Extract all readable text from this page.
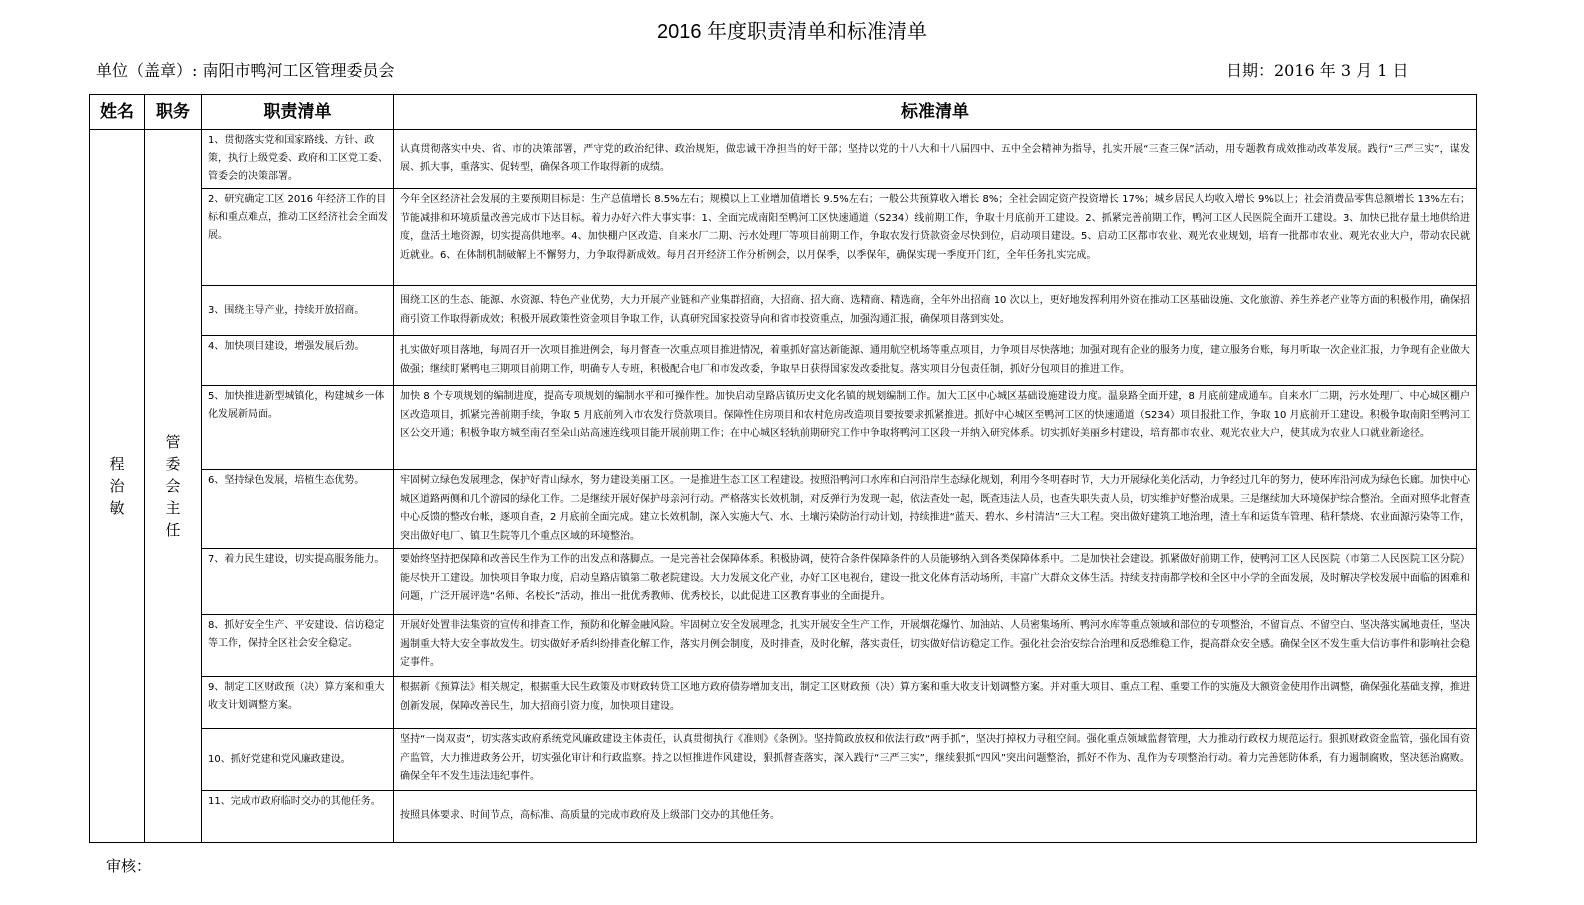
2016 年度职责清单和标准清单
单位（盖章）: 南阳市鸭河工区管理委员会	日期：2016 年 3 月 1 日
姓名	职务	职责清单	标准清单
程治敏	管委会主任	1、贯彻落实党和国家路线、方针、政策，执行上级党委、政府和工区党工委、管委会的决策部署。	认真贯彻落实中央、省、市的决策部署，严守党的政治纪律、政治规矩，做忠诚干净担当的好干部；坚持以党的十八大和十八届四中、五中全会精神为指导，扎实开展“三查三保”活动，用专题教育成效推动改革发展。践行“三严三实”，谋发展、抓大事，重落实、促转型，确保各项工作取得新的成绩。
		2、研究确定工区 2016 年经济工作的目标和重点难点，推动工区经济社会全面发展。	今年全区经济社会发展的主要预期目标是：生产总值增长 8.5%左右；规模以上工业增加值增长 9.5%左右；一般公共预算收入增长 8%；全社会固定资产投资增长 17%；城乡居民人均收入增长 9%以上；社会消费品零售总额增长 13%左右；节能减排和环境质量改善完成市下达目标。着力办好六件大事实事：1、全面完成南阳至鸭河工区快速通道（S234）线前期工作，争取十月底前开工建设。2、抓紧完善前期工作，鸭河工区人民医院全面开工建设。3、加快已批存量土地供给进度，盘活土地资源，切实提高供地率。4、加快棚户区改造、自来水厂二期、污水处理厂等项目前期工作，争取农发行贷款资金尽快到位，启动项目建设。5、启动工区都市农业、观光农业规划，培育一批都市农业、观光农业大户，带动农民就近就业。6、在体制机制破解上不懈努力，力争取得新成效。每月召开经济工作分析例会，以月保季，以季保年，确保实现一季度开门红，全年任务扎实完成。
		3、围绕主导产业，持续开放招商。	围绕工区的生态、能源、水资源、特色产业优势，大力开展产业链和产业集群招商，大招商、招大商、选精商、精选商，全年外出招商 10 次以上，更好地发挥利用外资在推动工区基础设施、文化旅游、养生养老产业等方面的积极作用，确保招商引资工作取得新成效；积极开展政策性资金项目争取工作，认真研究国家投资导向和省市投资重点，加强沟通汇报，确保项目落到实处。
		4、加快项目建设，增强发展后劲。	扎实做好项目落地，每周召开一次项目推进例会，每月督查一次重点项目推进情况，着重抓好富达新能源、通用航空机场等重点项目，力争项目尽快落地；加强对现有企业的服务力度，建立服务台账，每月听取一次企业汇报，力争现有企业做大做强；继续盯紧鸭电三期项目前期工作，明确专人专班，积极配合电厂和市发改委，争取早日获得国家发改委批复。落实项目分包责任制，抓好分包项目的推进工作。
		5、加快推进新型城镇化，构建城乡一体化发展新局面。	加快 8 个专项规划的编制进度，提高专项规划的编制水平和可操作性。加快启动皇路店镇历史文化名镇的规划编制工作。加大工区中心城区基础设施建设力度。温泉路全面开建，8 月底前建成通车。自来水厂二期，污水处理厂、中心城区棚户区改造项目，抓紧完善前期手续，争取 5 月底前列入市农发行贷款项目。保障性住房项目和农村危房改造项目要按要求抓紧推进。抓好中心城区至鸭河工区的快速通道（S234）项目报批工作，争取 10 月底前开工建设。积极争取南阳至鸭河工区公交开通；积极争取方城至南召至朵山站高速连线项目能开展前期工作；在中心城区轻轨前期研究工作中争取将鸭河工区段一并纳入研究体系。切实抓好美丽乡村建设，培育都市农业、观光农业大户，使其成为农业人口就业新途径。
		6、坚持绿色发展，培植生态优势。	牢固树立绿色发展理念，保护好青山绿水，努力建设美丽工区。一是推进生态工区工程建设。按照沿鸭河口水库和白河沿岸生态绿化规划，利用今冬明春时节，大力开展绿化美化活动，力争经过几年的努力，使环库沿河成为绿色长廊。加快中心城区道路两侧和几个游园的绿化工作。二是继续开展好保护母亲河行动。严格落实长效机制，对反弹行为发现一起，依法查处一起，既查违法人员，也查失职失责人员，切实维护好整治成果。三是继续加大环境保护综合整治。全面对照华北督查中心反馈的整改台帐，逐项自查，2 月底前全面完成。建立长效机制，深入实施大气、水、土壤污染防治行动计划，持续推进“蓝天、碧水、乡村清洁”三大工程。突出做好建筑工地治理，渣土车和运货车管理、秸秆禁烧、农业面源污染等工作，突出做好电厂、镇卫生院等几个重点区域的环境整治。
		7、着力民生建设，切实提高服务能力。	要始终坚持把保障和改善民生作为工作的出发点和落脚点。一是完善社会保障体系。积极协调，使符合条件保障条件的人员能够纳入到各类保障体系中。二是加快社会建设。抓紧做好前期工作，使鸭河工区人民医院（市第二人民医院工区分院）能尽快开工建设。加快项目争取力度，启动皇路店镇第二敬老院建设。大力发展文化产业，办好工区电视台，建设一批文化体育活动场所，丰富广大群众文体生活。持续支持南都学校和全区中小学的全面发展，及时解决学校发展中面临的困难和问题，广泛开展评选“名师、名校长”活动，推出一批优秀教师、优秀校长，以此促进工区教育事业的全面提升。
		8、抓好安全生产、平安建设、信访稳定等工作，保持全区社会安全稳定。	开展好处置非法集资的宣传和排查工作，预防和化解金融风险。牢固树立安全发展理念，扎实开展安全生产工作，开展烟花爆竹、加油站、人员密集场所、鸭河水库等重点领域和部位的专项整治，不留盲点、不留空白、坚决落实属地责任，坚决遏制重大特大安全事故发生。切实做好矛盾纠纷排查化解工作，落实月例会制度，及时排查，及时化解，落实责任，切实做好信访稳定工作。强化社会治安综合治理和反恐维稳工作，提高群众安全感。确保全区不发生重大信访事件和影响社会稳定事件。
		9、制定工区财政预（决）算方案和重大收支计划调整方案。	根据新《预算法》相关规定，根据重大民生政策及市财政转贷工区地方政府债券增加支出，制定工区财政预（决）算方案和重大收支计划调整方案。并对重大项目、重点工程、重要工作的实施及大额资金使用作出调整，确保强化基础支撑，推进创新发展，保障改善民生，加大招商引资力度，加快项目建设。
		10、抓好党建和党风廉政建设。	坚持“一岗双责”，切实落实政府系统党风廉政建设主体责任，认真贯彻执行《准则》《条例》。坚持简政放权和依法行政“两手抓”，坚决打掉权力寻租空间。强化重点领域监督管理，大力推动行政权力规范运行。狠抓财政资金监管，强化国有资产监管，大力推进政务公开，切实强化审计和行政监察。持之以恒推进作风建设，狠抓督查落实，深入践行“三严三实”，继续狠抓“四风”突出问题整治，抓好不作为、乱作为专项整治行动。着力完善惩防体系，有力遏制腐败，坚决惩治腐败。确保全年不发生违法违纪事件。
		11、完成市政府临时交办的其他任务。	按照具体要求、时间节点，高标准、高质量的完成市政府及上级部门交办的其他任务。
审核：
